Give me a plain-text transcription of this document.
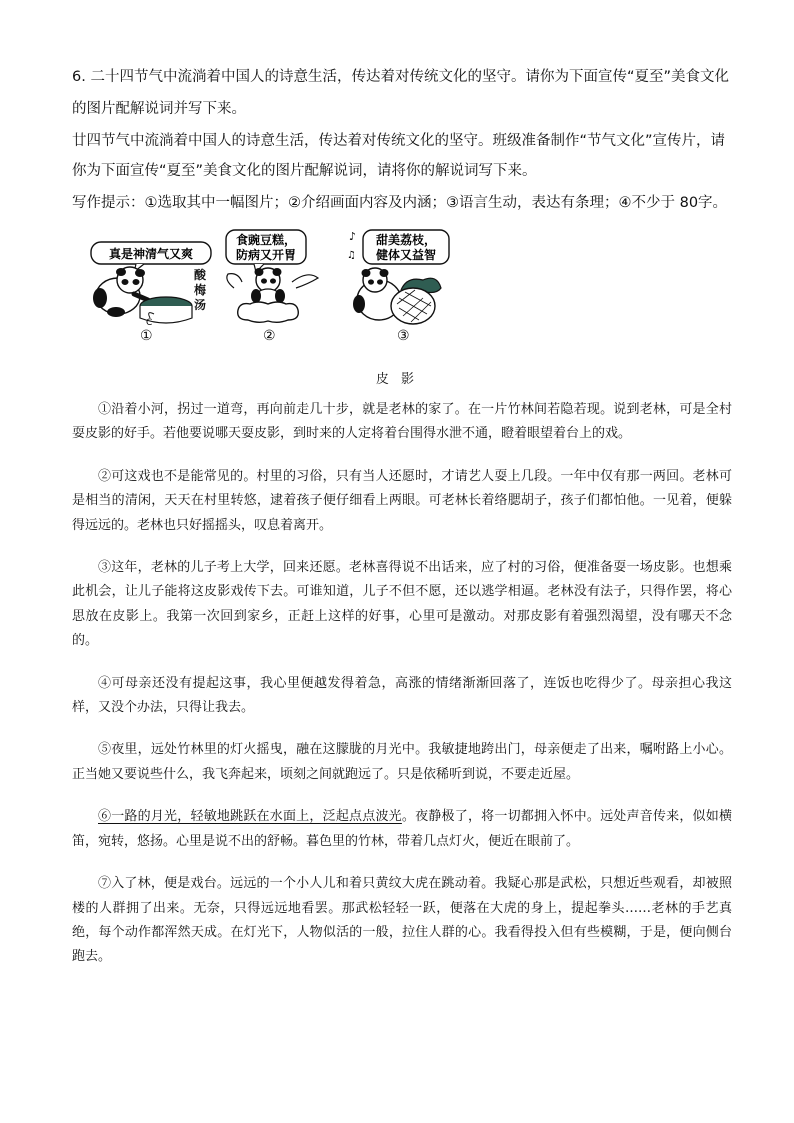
6. 二十四节气中流淌着中国人的诗意生活，传达着对传统文化的坚守。请你为下面宣传“夏至”美食文化
的图片配解说词并写下来。
廿四节气中流淌着中国人的诗意生活，传达着对传统文化的坚守。班级准备制作“节气文化”宣传片，请
你为下面宣传“夏至”美食文化的图片配解说词，请将你的解说词写下来。
写作提示：①选取其中一幅图片；②介绍画面内容及内涵；③语言生动，表达有条理；④不少于 80字。
真是神清气又爽
C
酸
梅
汤
①
食豌豆糕，
防病又开胃
②
♪
♫
甜美荔枝，
健体又益智
③
皮 影

①沿着小河，拐过一道弯，再向前走几十步，就是老林的家了。在一片竹林间若隐若现。说到老林，可是全村耍皮影的好手。若他要说哪天耍皮影，到时来的人定将着台围得水泄不通，瞪着眼望着台上的戏。

②可这戏也不是能常见的。村里的习俗，只有当人还愿时，才请艺人耍上几段。一年中仅有那一两回。老林可是相当的清闲，天天在村里转悠，逮着孩子便仔细看上两眼。可老林长着络腮胡子，孩子们都怕他。一见着，便躲得远远的。老林也只好摇摇头，叹息着离开。

③这年，老林的儿子考上大学，回来还愿。老林喜得说不出话来，应了村的习俗，便准备耍一场皮影。也想乘此机会，让儿子能将这皮影戏传下去。可谁知道，儿子不但不愿，还以逃学相逼。老林没有法子，只得作罢，将心思放在皮影上。我第一次回到家乡，正赶上这样的好事，心里可是激动。对那皮影有着强烈渴望，没有哪天不念的。

④可母亲还没有提起这事，我心里便越发得着急，高涨的情绪渐渐回落了，连饭也吃得少了。母亲担心我这样，又没个办法，只得让我去。

⑤夜里，远处竹林里的灯火摇曳，融在这朦胧的月光中。我敏捷地跨出门，母亲便走了出来，嘱咐路上小心。正当她又要说些什么，我飞奔起来，顷刻之间就跑远了。只是依稀听到说，不要走近屋。

⑥一路的月光，轻敏地跳跃在水面上，泛起点点波光。夜静极了，将一切都拥入怀中。远处声音传来，似如横笛，宛转，悠扬。心里是说不出的舒畅。暮色里的竹林，带着几点灯火，便近在眼前了。

⑦入了林，便是戏台。远远的一个小人儿和着只黄纹大虎在跳动着。我疑心那是武松，只想近些观看，却被照楼的人群拥了出来。无奈，只得远远地看罢。那武松轻轻一跃，便落在大虎的身上，提起拳头……老林的手艺真绝，每个动作都浑然天成。在灯光下，人物似活的一般，拉住人群的心。我看得投入但有些模糊，于是，便向侧台跑去。
